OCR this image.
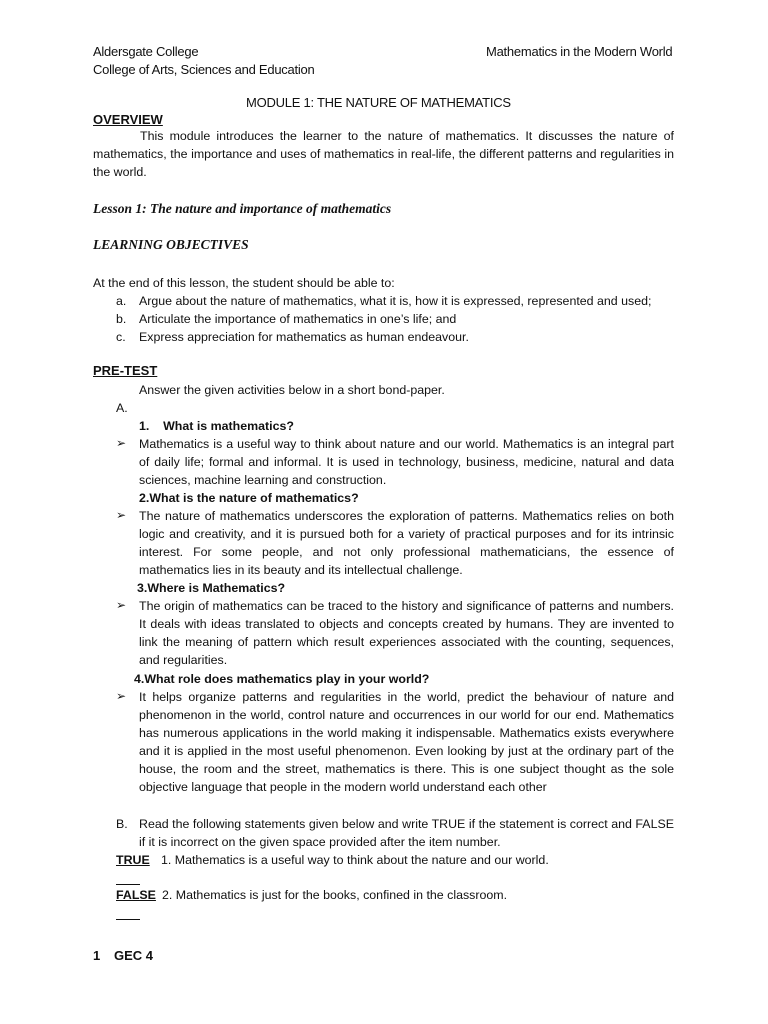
Aldersgate College	Mathematics in the Modern World
College of Arts, Sciences and Education
MODULE 1: THE NATURE OF MATHEMATICS
OVERVIEW

This module introduces the learner to the nature of mathematics. It discusses the nature of mathematics, the importance and uses of mathematics in real-life, the different patterns and regularities in the world.

Lesson 1: The nature and importance of mathematics
LEARNING OBJECTIVES
At the end of this lesson, the student should be able to:
a.	Argue about the nature of mathematics, what it is, how it is expressed, represented and used;
b.	Articulate the importance of mathematics in one’s life; and
c.	Express appreciation for mathematics as human endeavour.
PRE-TEST
Answer the given activities below in a short bond-paper.
A.
1.    What is mathematics?
➢ Mathematics is a useful way to think about nature and our world. Mathematics is an integral part of daily life; formal and informal. It is used in technology, business, medicine, natural and data sciences, machine learning and construction.

2.What is the nature of mathematics?
➢ The nature of mathematics underscores the exploration of patterns. Mathematics relies on both logic and creativity, and it is pursued both for a variety of practical purposes and for its intrinsic interest. For some people, and not only professional mathematicians, the essence of mathematics lies in its beauty and its intellectual challenge.

3.Where is Mathematics?
➢ The origin of mathematics can be traced to the history and significance of patterns and numbers. It deals with ideas translated to objects and concepts created by humans. They are invented to link the meaning of pattern which result experiences associated with the counting, sequences, and regularities.

4.What role does mathematics play in your world?
➢ It helps organize patterns and regularities in the world, predict the behaviour of nature and phenomenon in the world, control nature and occurrences in our world for our end. Mathematics has numerous applications in the world making it indispensable. Mathematics exists everywhere and it is applied in the most useful phenomenon. Even looking by just at the ordinary part of the house, the room and the street, mathematics is there. This is one subject thought as the sole objective language that people in the modern world understand each other

B. Read the following statements given below and write TRUE if the statement is correct and FALSE if it is incorrect on the given space provided after the item number.

TRUE 1. Mathematics is a useful way to think about the nature and our world.
FALSE 2. Mathematics is just for the books, confined in the classroom.
1 GEC 4
